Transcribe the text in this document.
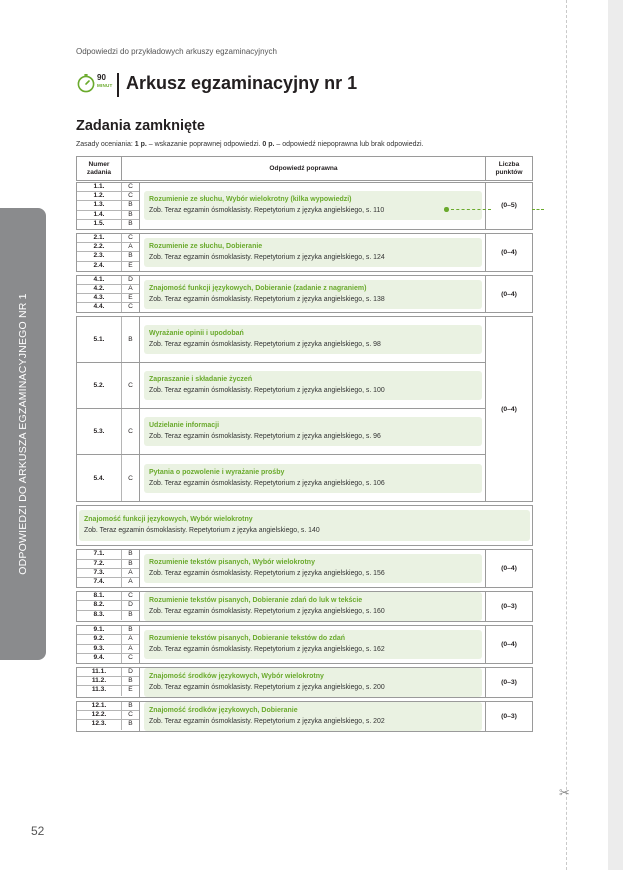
✂
ODPOWIEDZI DO ARKUSZA EGZAMINACYJNEGO NR 1
Odpowiedzi do przykładowych arkuszy egzaminacyjnych
90
MINUT Arkusz egzaminacyjny nr 1
Zadania zamknięte
Zasady oceniania: 1 p. – wskazanie poprawnej odpowiedzi. 0 p. – odpowiedź niepoprawna lub brak odpowiedzi.
Numer zadania
Odpowiedź poprawna
Liczba punktów
1.1.	C
1.2.	C
1.3.	B
1.4.	B
1.5.	B
Rozumienie ze słuchu, Wybór wielokrotny (kilka wypowiedzi)
Zob. Teraz egzamin ósmoklasisty. Repetytorium z języka angielskiego, s. 110
(0–5)
2.1.	C
2.2.	A
2.3.	B
2.4.	E
Rozumienie ze słuchu, Dobieranie
Zob. Teraz egzamin ósmoklasisty. Repetytorium z języka angielskiego, s. 124
(0–4)
4.1.	D
4.2.	A
4.3.	E
4.4.	C
Znajomość funkcji językowych, Dobieranie (zadanie z nagraniem)
Zob. Teraz egzamin ósmoklasisty. Repetytorium z języka angielskiego, s. 138
(0–4)
5.1.	B
Wyrażanie opinii i upodobań
Zob. Teraz egzamin ósmoklasisty. Repetytorium z języka angielskiego, s. 98
5.2.	C
Zapraszanie i składanie życzeń
Zob. Teraz egzamin ósmoklasisty. Repetytorium z języka angielskiego, s. 100
5.3.	C
Udzielanie informacji
Zob. Teraz egzamin ósmoklasisty. Repetytorium z języka angielskiego, s. 96
5.4.	C
Pytania o pozwolenie i wyrażanie prośby
Zob. Teraz egzamin ósmoklasisty. Repetytorium z języka angielskiego, s. 106
(0–4)
Znajomość funkcji językowych, Wybór wielokrotny
Zob. Teraz egzamin ósmoklasisty. Repetytorium z języka angielskiego, s. 140
7.1.	B
7.2.	B
7.3.	A
7.4.	A
Rozumienie tekstów pisanych, Wybór wielokrotny
Zob. Teraz egzamin ósmoklasisty. Repetytorium z języka angielskiego, s. 156
(0–4)
8.1.	C
8.2.	D
8.3.	B
Rozumienie tekstów pisanych, Dobieranie zdań do luk w tekście
Zob. Teraz egzamin ósmoklasisty. Repetytorium z języka angielskiego, s. 160
(0–3)
9.1.	B
9.2.	A
9.3.	A
9.4.	C
Rozumienie tekstów pisanych, Dobieranie tekstów do zdań
Zob. Teraz egzamin ósmoklasisty. Repetytorium z języka angielskiego, s. 162
(0–4)
11.1.	D
11.2.	B
11.3.	E
Znajomość środków językowych, Wybór wielokrotny
Zob. Teraz egzamin ósmoklasisty. Repetytorium z języka angielskiego, s. 200
(0–3)
12.1.	B
12.2.	C
12.3.	B
Znajomość środków językowych, Dobieranie
Zob. Teraz egzamin ósmoklasisty. Repetytorium z języka angielskiego, s. 202
(0–3)
52
